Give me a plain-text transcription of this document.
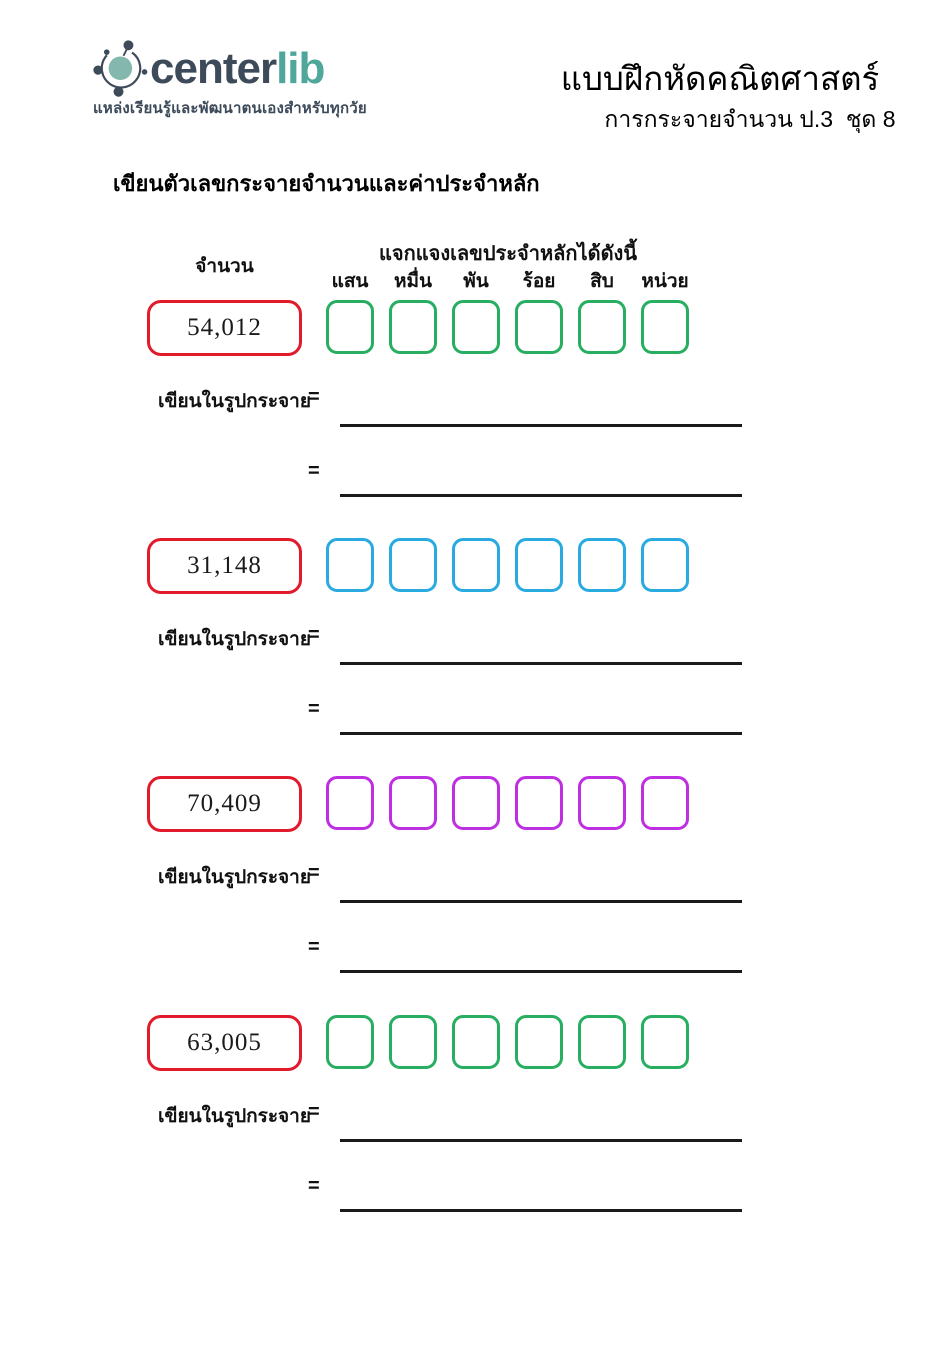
centerlib
แหล่งเรียนรู้และพัฒนาตนเองสำหรับทุกวัย
แบบฝึกหัดคณิตศาสตร์
การกระจายจำนวน ป.3  ชุด 8
เขียนตัวเลขกระจายจำนวนและค่าประจำหลัก
จำนวน
แจกแจงเลขประจำหลักได้ดังนี้
แสน หมื่น	พัน	ร้อย	สิบ	หน่วย
54,012
เขียนในรูปกระจาย
=
=
31,148
เขียนในรูปกระจาย
=
=
70,409
เขียนในรูปกระจาย
=
=
63,005
เขียนในรูปกระจาย
=
=
